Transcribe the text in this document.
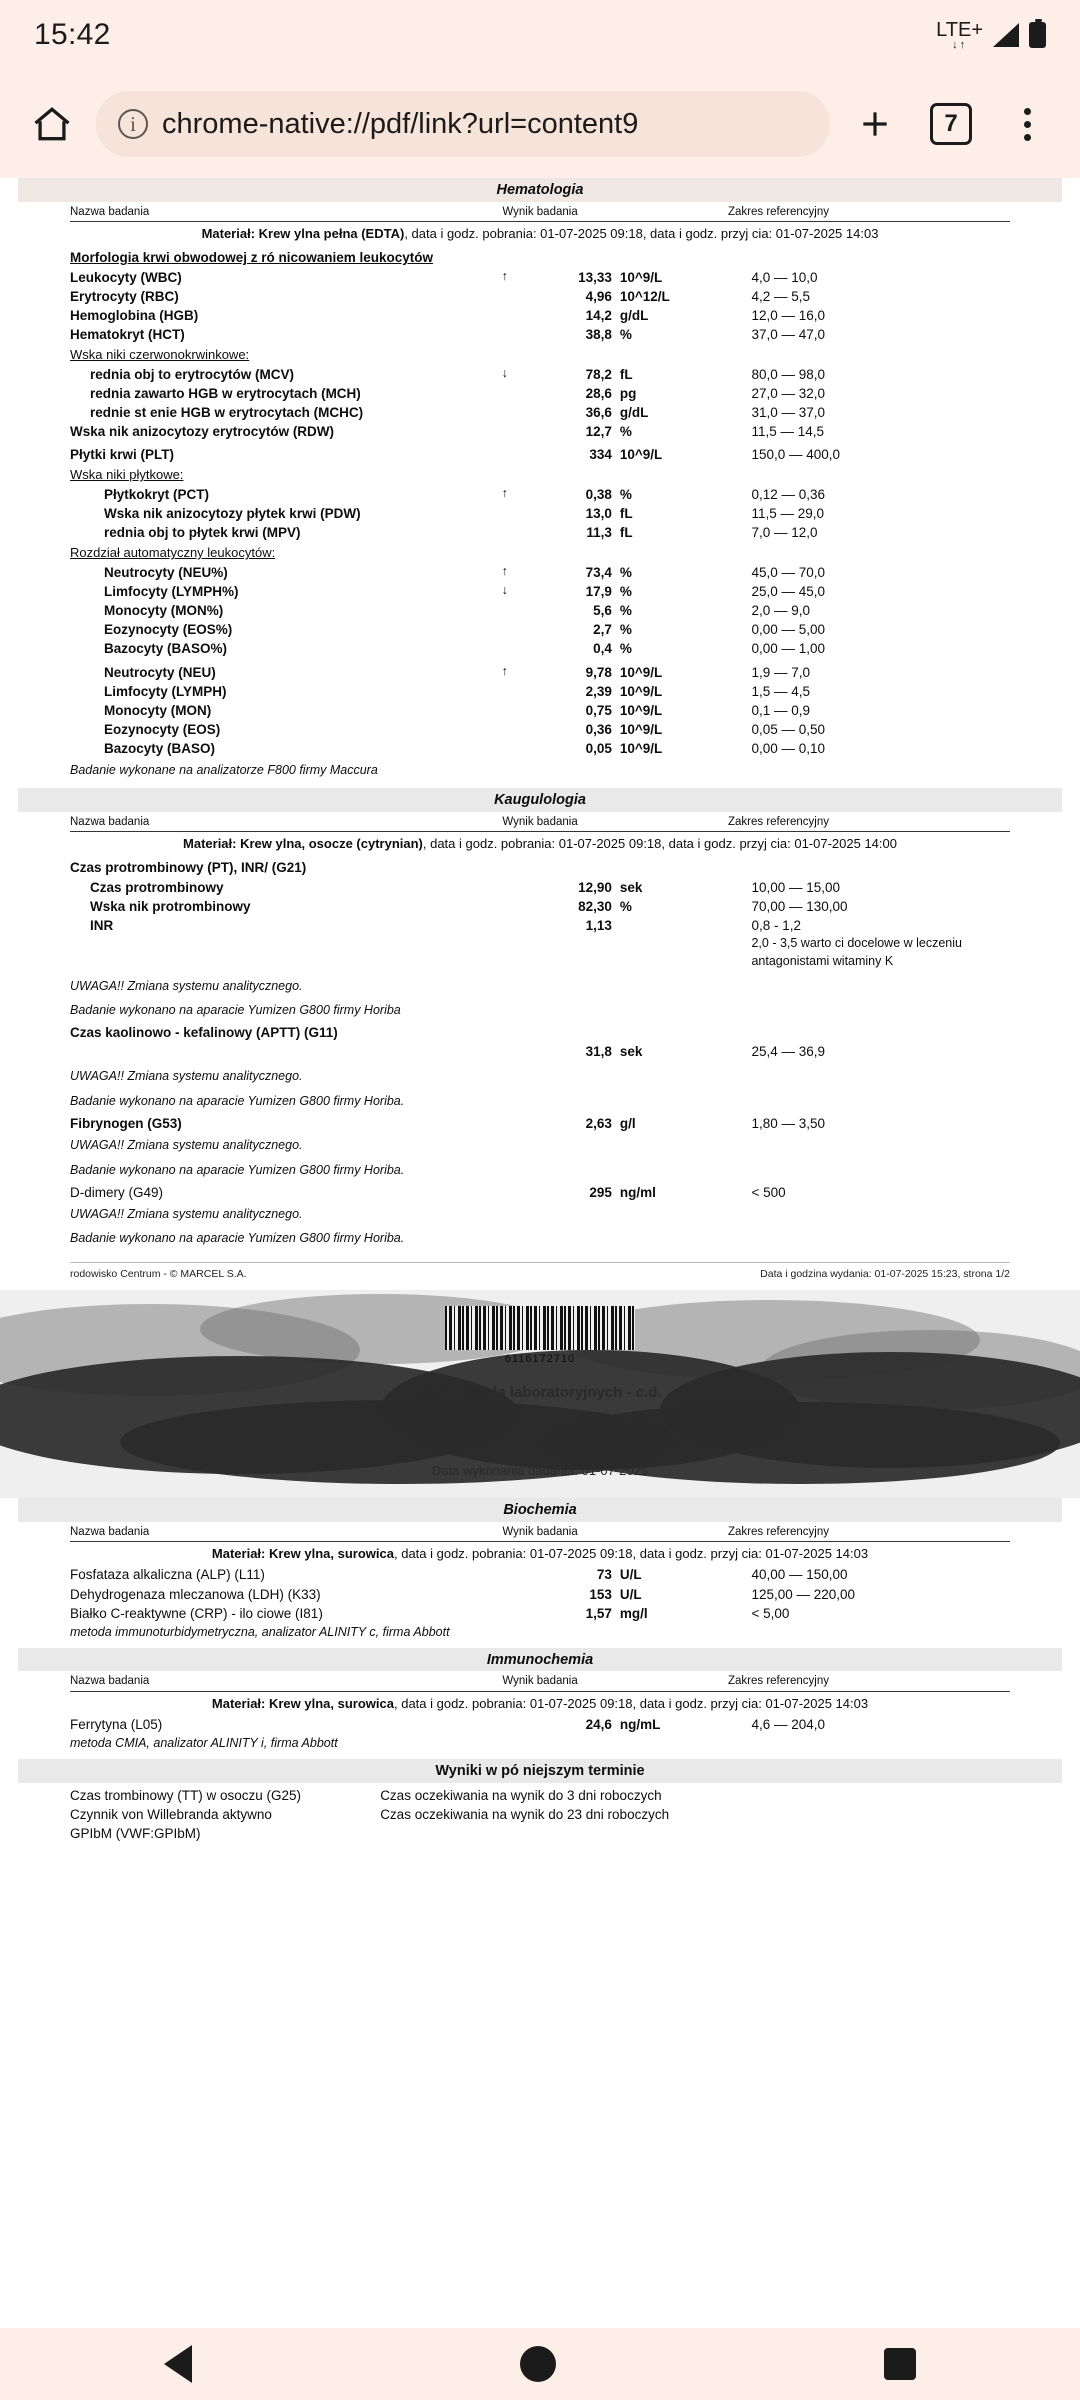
15:42	LTE+
↓↑
i chrome-native://pdf/link?url=content9	7
Hematologia
Nazwa badania	Wynik badania	Zakres referencyjny
Materiał: Krew ylna pełna (EDTA), data i godz. pobrania: 01-07-2025 09:18, data i godz. przyj cia: 01-07-2025 14:03
Morfologia krwi obwodowej z ró nicowaniem leukocytów
Leukocyty (WBC)	↑	13,33 10^9/L	4,0 — 10,0
Erytrocyty (RBC)	4,96 10^12/L	4,2 — 5,5
Hemoglobina (HGB)	14,2 g/dL	12,0 — 16,0
Hematokryt (HCT)	38,8 %	37,0 — 47,0
Wska niki czerwonokrwinkowe:
rednia obj to erytrocytów (MCV)	↓	78,2 fL	80,0 — 98,0
rednia zawarto HGB w erytrocytach (MCH)	28,6 pg	27,0 — 32,0
rednie st enie HGB w erytrocytach (MCHC)	36,6 g/dL	31,0 — 37,0
Wska nik anizocytozy erytrocytów (RDW)	12,7 %	11,5 — 14,5
Płytki krwi (PLT)	334 10^9/L	150,0 — 400,0
Wska niki płytkowe:
Płytkokryt (PCT)	↑	0,38 %	0,12 — 0,36
Wska nik anizocytozy płytek krwi (PDW)	13,0 fL	11,5 — 29,0
rednia obj to płytek krwi (MPV)	11,3 fL	7,0 — 12,0
Rozdział automatyczny leukocytów:
Neutrocyty (NEU%)	↑	73,4 %	45,0 — 70,0
Limfocyty (LYMPH%)	↓	17,9 %	25,0 — 45,0
Monocyty (MON%)	5,6 %	2,0 — 9,0
Eozynocyty (EOS%)	2,7 %	0,00 — 5,00
Bazocyty (BASO%)	0,4 %	0,00 — 1,00
Neutrocyty (NEU)	↑	9,78 10^9/L	1,9 — 7,0
Limfocyty (LYMPH)	2,39 10^9/L	1,5 — 4,5
Monocyty (MON)	0,75 10^9/L	0,1 — 0,9
Eozynocyty (EOS)	0,36 10^9/L	0,05 — 0,50
Bazocyty (BASO)	0,05 10^9/L	0,00 — 0,10
Badanie wykonane na analizatorze F800 firmy Maccura
Kaugulologia
Nazwa badania	Wynik badania	Zakres referencyjny
Materiał: Krew ylna, osocze (cytrynian), data i godz. pobrania: 01-07-2025 09:18, data i godz. przyj cia: 01-07-2025 14:00
Czas protrombinowy (PT), INR/ (G21)
Czas protrombinowy	12,90 sek	10,00 — 15,00
Wska nik protrombinowy	82,30 %	70,00 — 130,00
INR	1,13	0,8 - 1,2
2,0 - 3,5 warto ci docelowe w leczeniu antagonistami witaminy K
UWAGA!! Zmiana systemu analitycznego.
Badanie wykonano na aparacie Yumizen G800 firmy Horiba
Czas kaolinowo - kefalinowy (APTT) (G11)
31,8 sek	25,4 — 36,9
UWAGA!! Zmiana systemu analitycznego.
Badanie wykonano na aparacie Yumizen G800 firmy Horiba.
Fibrynogen (G53)	2,63 g/l	1,80 — 3,50
UWAGA!! Zmiana systemu analitycznego.
Badanie wykonano na aparacie Yumizen G800 firmy Horiba.
D-dimery (G49)	295 ng/ml	< 500
UWAGA!! Zmiana systemu analitycznego.
Badanie wykonano na aparacie Yumizen G800 firmy Horiba.
rodowisko Centrum - © MARCEL S.A.	Data i godzina wydania: 01-07-2025 15:23, strona 1/2
6116172710
Wyniki bada laboratoryjnych - c.d.
Data wykonania badania: 01-07-2025
Biochemia
Nazwa badania	Wynik badania	Zakres referencyjny
Materiał: Krew ylna, surowica, data i godz. pobrania: 01-07-2025 09:18, data i godz. przyj cia: 01-07-2025 14:03
Fosfataza alkaliczna (ALP) (L11)	73 U/L	40,00 — 150,00
Dehydrogenaza mleczanowa (LDH) (K33)	153 U/L	125,00 — 220,00
Białko C-reaktywne (CRP) - ilo ciowe (I81)	1,57 mg/l	< 5,00
metoda immunoturbidymetryczna, analizator ALINITY c, firma Abbott
Immunochemia
Nazwa badania	Wynik badania	Zakres referencyjny
Materiał: Krew ylna, surowica, data i godz. pobrania: 01-07-2025 09:18, data i godz. przyj cia: 01-07-2025 14:03
Ferrytyna (L05)	24,6 ng/mL	4,6 — 204,0
metoda CMIA, analizator ALINITY i, firma Abbott
Wyniki w pó niejszym terminie
Czas trombinowy (TT) w osoczu (G25)	Czas oczekiwania na wynik do 3 dni roboczych
Czynnik von Willebranda aktywno	Czas oczekiwania na wynik do 23 dni roboczych
GPIbM (VWF:GPIbM)
